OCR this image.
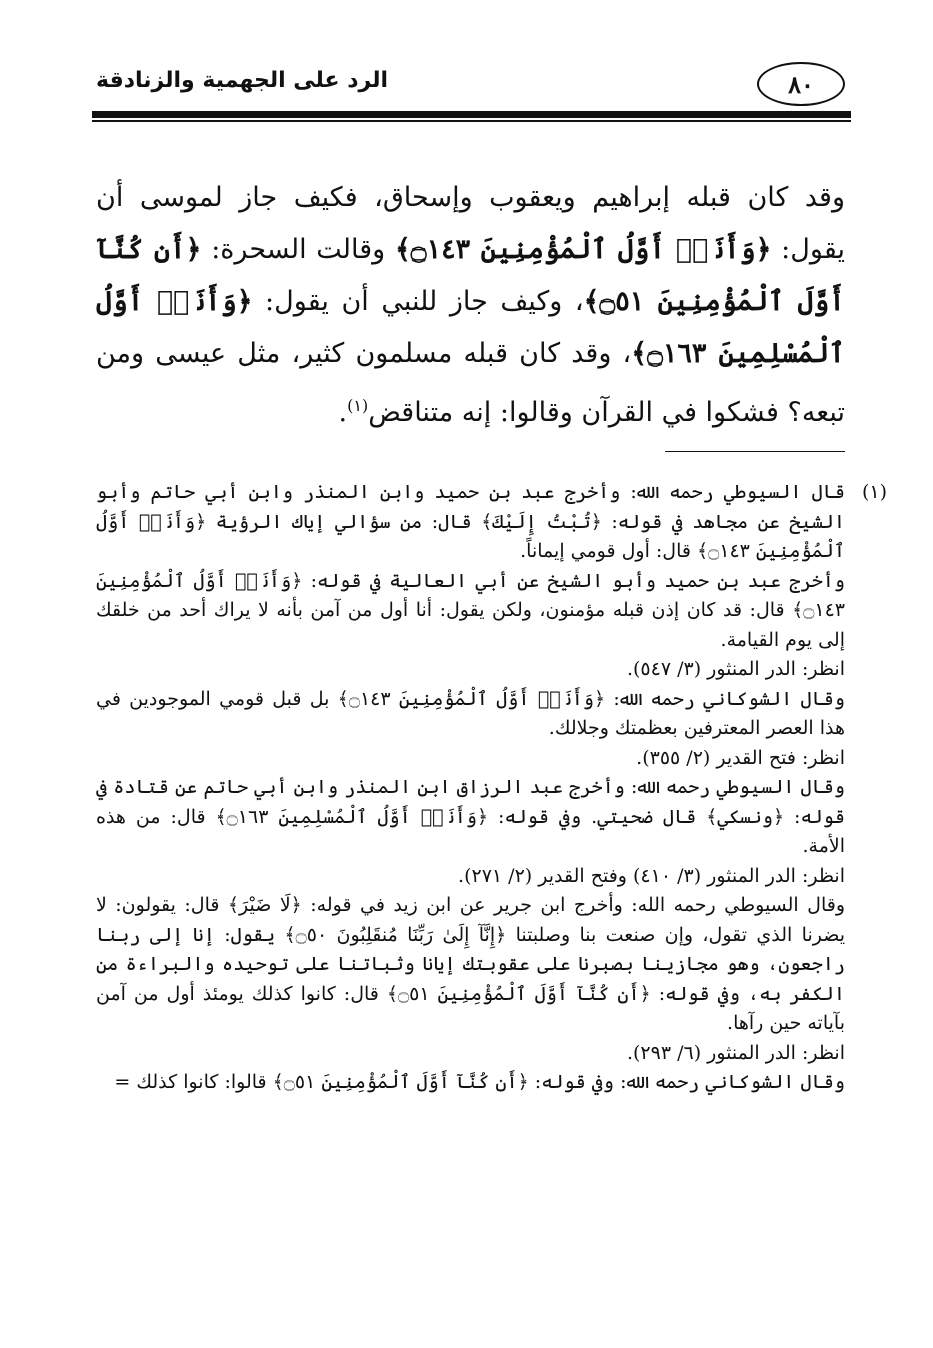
٨٠
الرد على الجهمية والزنادقة

وقد كان قبله إبراهيم ويعقوب وإسحاق، فكيف جاز لموسى أن يقول: ﴿وَأَنَا۠ أَوَّلُ ٱلْمُؤْمِنِينَ ۝١٤٣﴾ وقالت السحرة: ﴿أَن كُنَّآ أَوَّلَ ٱلْمُؤْمِنِينَ ۝٥١﴾، وكيف جاز للنبي أن يقول: ﴿وَأَنَا۠ أَوَّلُ ٱلْمُسْلِمِينَ ۝١٦٣﴾، وقد كان قبله مسلمون كثير، مثل عيسى ومن تبعه؟ فشكوا في القرآن وقالوا: إنه متناقض$^{(١)}$.

(١)

قال السيوطي رحمه الله: وأخرج عبد بن حميد وابن المنذر وابن أبي حاتم وأبو الشيخ عن مجاهد في قوله: ﴿تُبْتُ إِلَيْكَ﴾ قال: من سؤالي إياك الرؤية ﴿وَأَنَا۠ أَوَّلُ ٱلْمُؤْمِنِينَ ۝١٤٣﴾ قال: أول قومي إيماناً.

وأخرج عبد بن حميد وأبو الشيخ عن أبي العالية في قوله: ﴿وَأَنَا۠ أَوَّلُ ٱلْمُؤْمِنِينَ ۝١٤٣﴾ قال: قد كان إذن قبله مؤمنون، ولكن يقول: أنا أول من آمن بأنه لا يراك أحد من خلقك إلى يوم القيامة.

انظر: الدر المنثور (٣/ ٥٤٧).

وقال الشوكاني رحمه الله: ﴿وَأَنَا۠ أَوَّلُ ٱلْمُؤْمِنِينَ ۝١٤٣﴾ بل قبل قومي الموجودين في هذا العصر المعترفين بعظمتك وجلالك.

انظر: فتح القدير (٢/ ٣٥٥).

وقال السيوطي رحمه الله: وأخرج عبد الرزاق ابن المنذر وابن أبي حاتم عن قتادة في قوله: ﴿ونسكي﴾ قال ضحيتي. وفي قوله: ﴿وَأَنَا۠ أَوَّلُ ٱلْمُسْلِمِينَ ۝١٦٣﴾ قال: من هذه الأمة.

انظر: الدر المنثور (٣/ ٤١٠) وفتح القدير (٢/ ٢٧١).

وقال السيوطي رحمه الله: وأخرج ابن جرير عن ابن زيد في قوله: ﴿لَا ضَيْرَ﴾ قال: يقولون: لا يضرنا الذي تقول، وإن صنعت بنا وصلبتنا ﴿إِنَّآ إِلَىٰ رَبِّنَا مُنقَلِبُونَ ۝٥٠﴾ يقول: إنا إلى ربنا راجعون، وهو مجازينا بصبرنا على عقوبتك إيانا وثباتنا على توحيده والبراءة من الكفر به، وفي قوله: ﴿أَن كُنَّآ أَوَّلَ ٱلْمُؤْمِنِينَ ۝٥١﴾ قال: كانوا كذلك يومئذ أول من آمن بآياته حين رآها.

انظر: الدر المنثور (٦/ ٢٩٣).

وقال الشوكاني رحمه الله: وفي قوله: ﴿أَن كُنَّآ أَوَّلَ ٱلْمُؤْمِنِينَ ۝٥١﴾ قالوا: كانوا كذلك =
